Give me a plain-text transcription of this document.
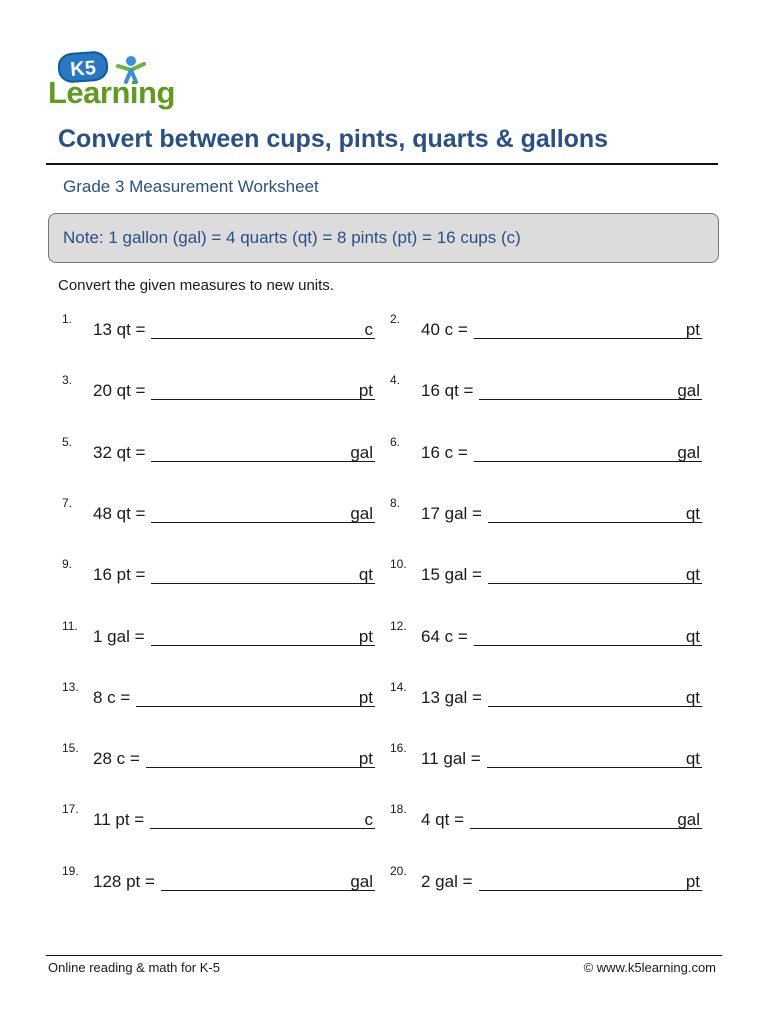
K5
Learning
Convert between cups, pints, quarts & gallons
Grade 3 Measurement Worksheet
Note: 1 gallon (gal) = 4 quarts (qt) = 8 pints (pt) = 16 cups (c)
Convert the given measures to new units.
1.
13 qt =	c
2.
40 c =	pt
3.
20 qt =	pt
4.
16 qt =	gal
5.
32 qt =	gal
6.
16 c =	gal
7.
48 qt =	gal
8.
17 gal =	qt
9.
16 pt =	qt
10.
15 gal =	qt
11.
1 gal =	pt
12.
64 c =	qt
13.
8 c =	pt
14.
13 gal =	qt
15.
28 c =	pt
16.
11 gal =	qt
17.
11 pt =	c
18.
4 qt =	gal
19.
128 pt =	gal
20.
2 gal =	pt
Online reading & math for K-5	© www.k5learning.com
